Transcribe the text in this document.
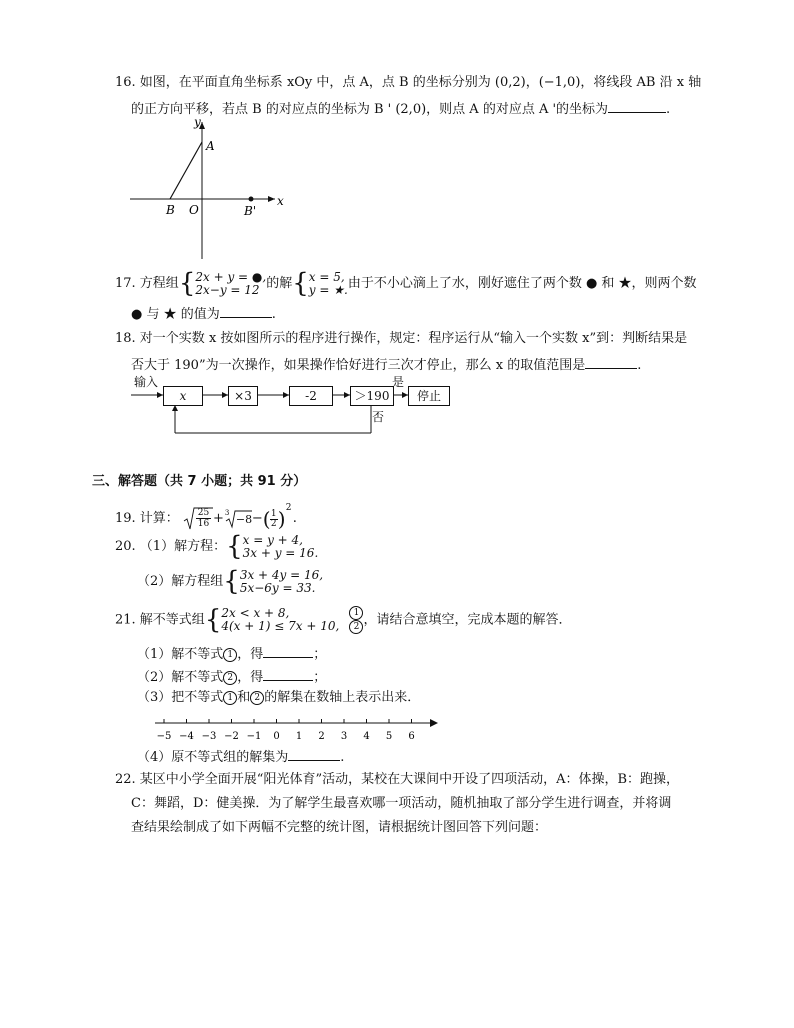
16. 如图，在平面直角坐标系 xOy 中，点 A，点 B 的坐标分别为 (0,2)，(−1,0)，将线段 AB 沿 x 轴
的正方向平移，若点 B 的对应点的坐标为 B ' (2,0)，则点 A 的对应点 A '的坐标为	.
y
x
A
B O	B'
17. 方程组{2x + y = ●,
2x−y = 12 的解{x = 5,
y = ★.由于不小心滴上了水，刚好遮住了两个数 ● 和 ★，则两个数
● 与 ★ 的值为	.
18. 对一个实数 x 按如图所示的程序进行操作，规定：程序运行从“输入一个实数 x”到：判断结果是
否大于 190”为一次操作，如果操作恰好进行三次才停止，那么 x 的取值范围是	.
输入
x	×3	-2	＞190
是
停止
否
三、解答题（共 7 小题；共 91 分）
19. 计算： $\frac{25}{16} + 3 -8$ − ( 1
2 ) 2
.
20. （1）解方程：{x = y + 4,
3x + y = 16.
（2）解方程组{3x + 4y = 16,
5x−6y = 33.
21. 解不等式组{2x < x + 8,
4(x + 1) ≤ 7x + 10, $\frac{1}{2}$，请结合意填空，完成本题的解答．
（1）解不等式 1 ，得	；
（2）解不等式 2 ，得	；
（3）把不等式 1 和 2 的解集在数轴上表示出来．
−5 −4 −3 −2 −1 0 1 2 3 4 5 6
（4）原不等式组的解集为	.
22. 某区中小学全面开展“阳光体育”活动，某校在大课间中开设了四项活动，A：体操，B：跑操，
C：舞蹈，D：健美操．为了解学生最喜欢哪一项活动，随机抽取了部分学生进行调查，并将调
查结果绘制成了如下两幅不完整的统计图，请根据统计图回答下列问题：
